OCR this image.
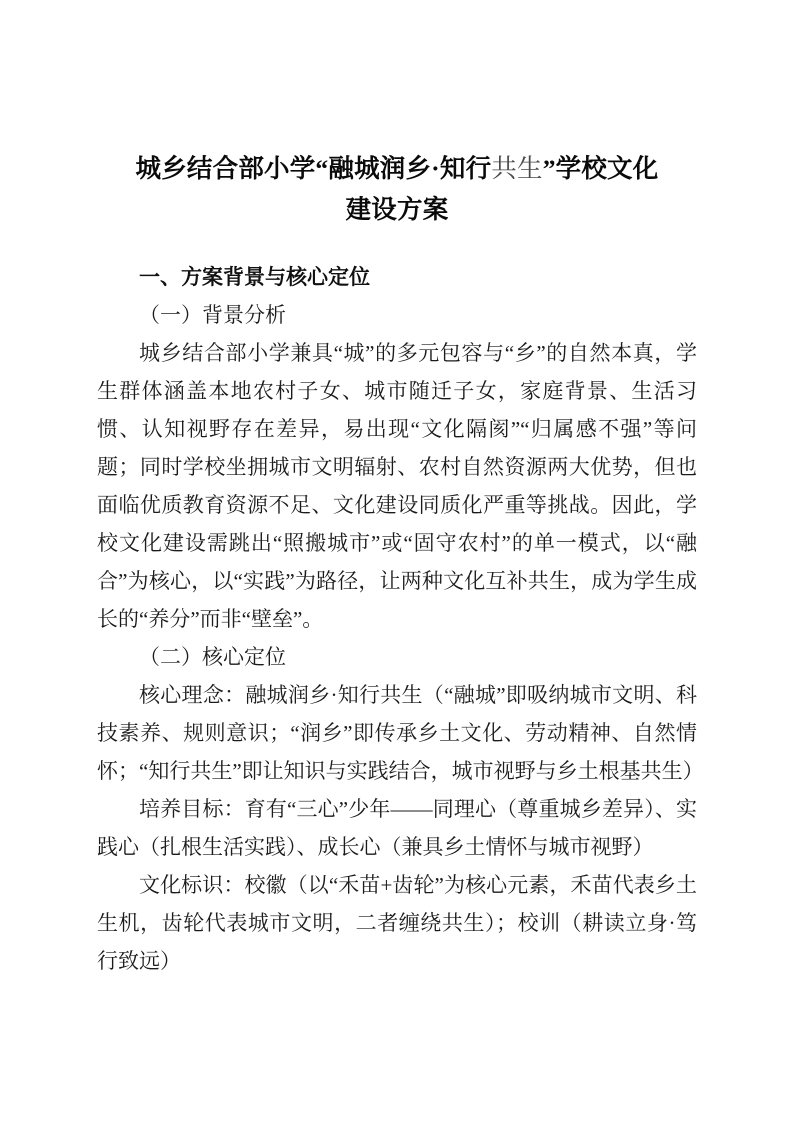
城乡结合部小学“融城润乡·知行共生”学校文化
建设方案
一、方案背景与核心定位
（一）背景分析

城乡结合部小学兼具“城”的多元包容与“乡”的自然本真，学生群体涵盖本地农村子女、城市随迁子女，家庭背景、生活习惯、认知视野存在差异，易出现“文化隔阂”“归属感不强”等问题；同时学校坐拥城市文明辐射、农村自然资源两大优势，但也面临优质教育资源不足、文化建设同质化严重等挑战。因此，学校文化建设需跳出“照搬城市”或“固守农村”的单一模式，以“融合”为核心，以“实践”为路径，让两种文化互补共生，成为学生成长的“养分”而非“壁垒”。

（二）核心定位

核心理念：融城润乡·知行共生（“融城”即吸纳城市文明、科技素养、规则意识；“润乡”即传承乡土文化、劳动精神、自然情怀；“知行共生”即让知识与实践结合，城市视野与乡土根基共生）

培养目标：育有“三心”少年——同理心（尊重城乡差异）、实践心（扎根生活实践）、成长心（兼具乡土情怀与城市视野）

文化标识：校徽（以“禾苗+齿轮”为核心元素，禾苗代表乡土生机，齿轮代表城市文明，二者缠绕共生）；校训（耕读立身·笃行致远）
